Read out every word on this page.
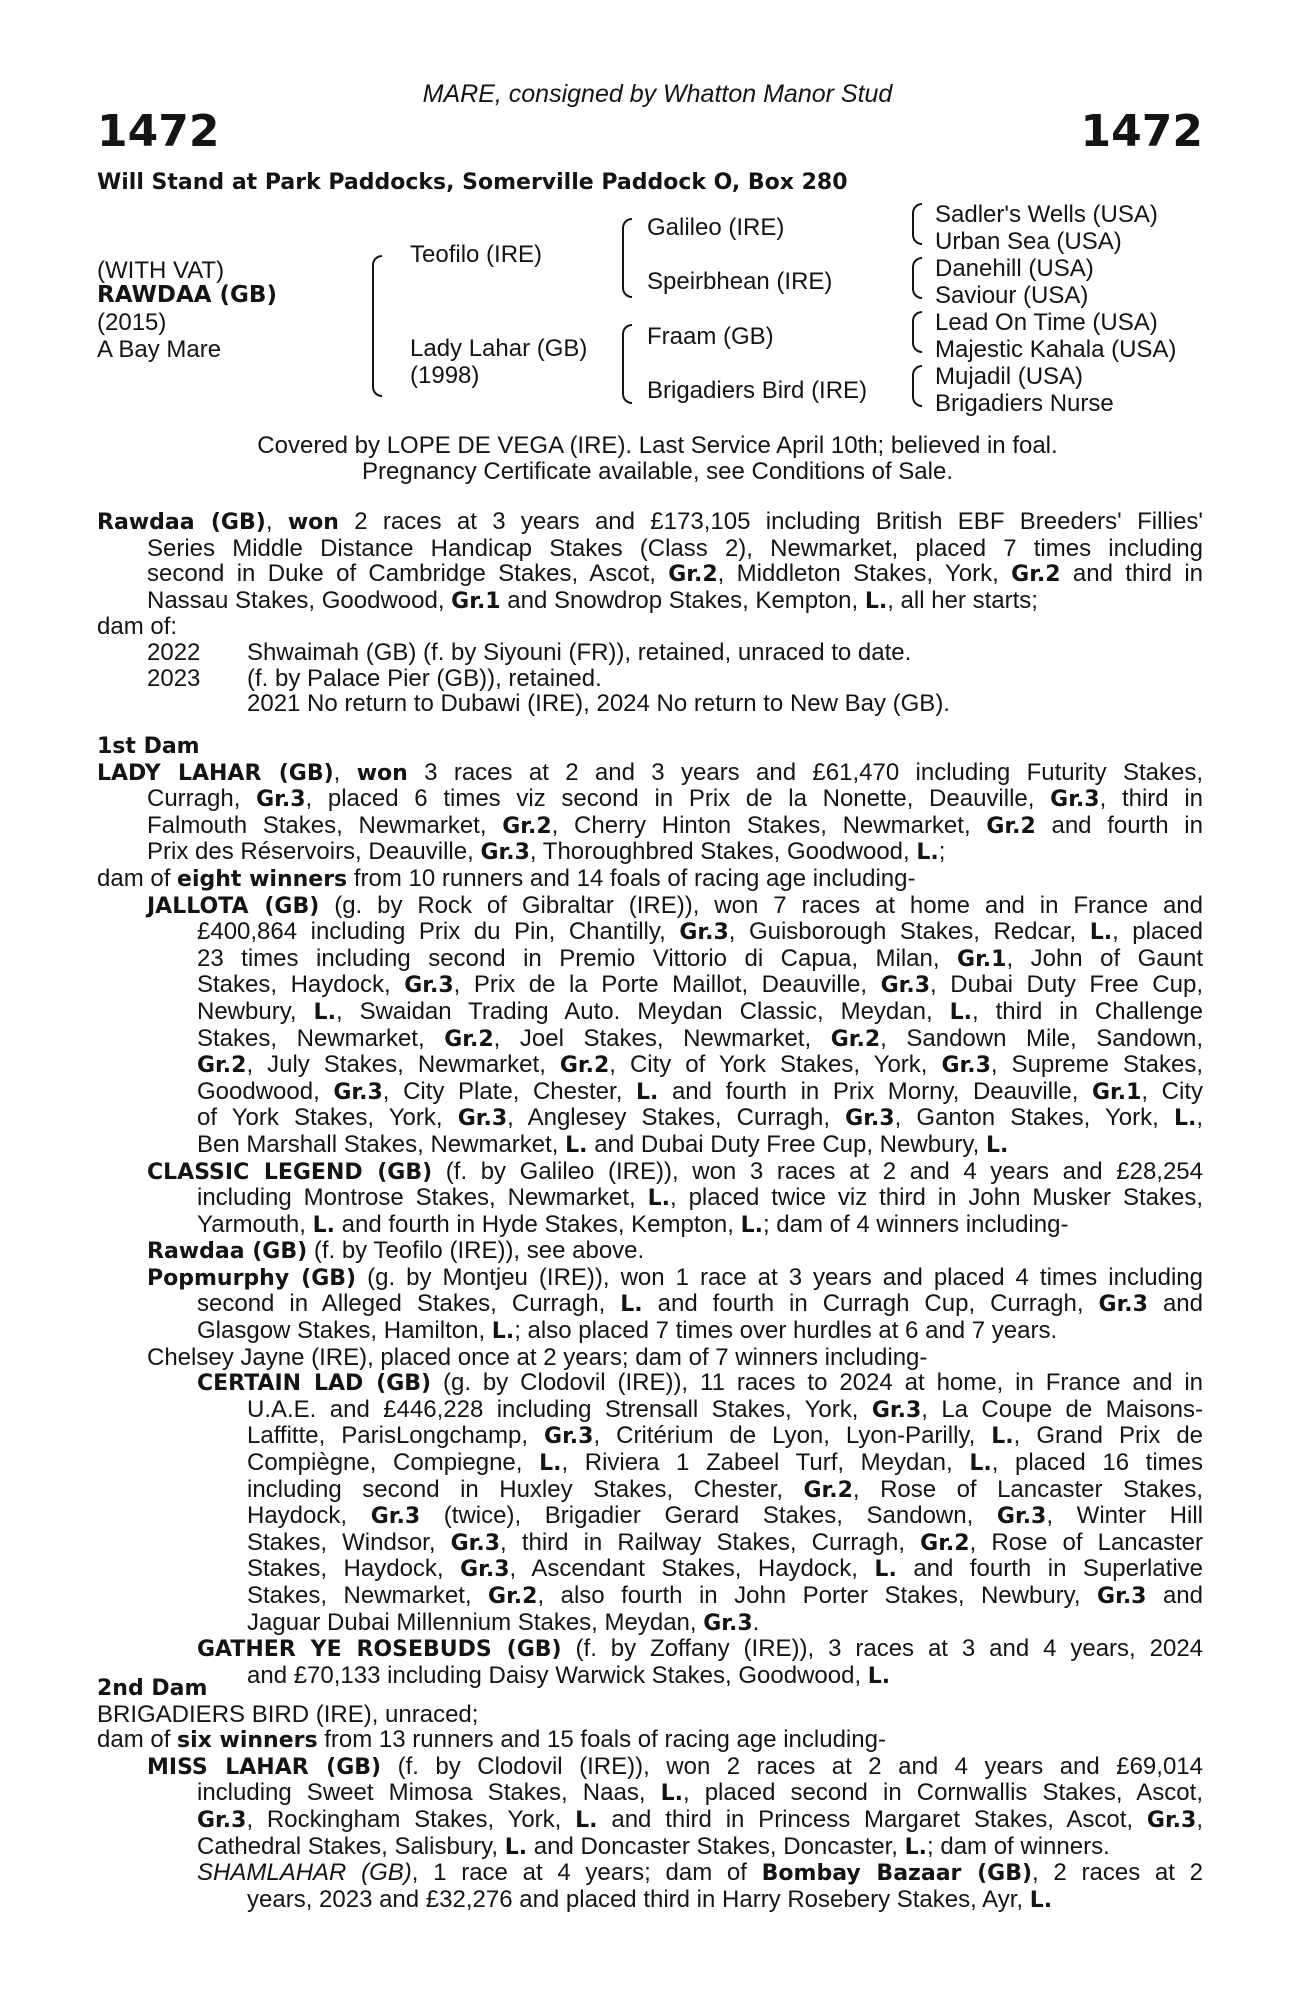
1472	1472
MARE, consigned by Whatton Manor Stud
Will Stand at Park Paddocks, Somerville Paddock O, Box 280
(WITH VAT)
RAWDAA (GB)
(2015)
A Bay Mare
Teofilo (IRE)
Lady Lahar (GB)
(1998)
Galileo (IRE)
Speirbhean (IRE)
Fraam (GB)
Brigadiers Bird (IRE)
Sadler's Wells (USA)
Urban Sea (USA)
Danehill (USA)
Saviour (USA)
Lead On Time (USA)
Majestic Kahala (USA)
Mujadil (USA)
Brigadiers Nurse
Covered by LOPE DE VEGA (IRE). Last Service April 10th; believed in foal.
Pregnancy Certificate available, see Conditions of Sale.
Rawdaa (GB), won 2 races at 3 years and £173,105 including British EBF Breeders' Fillies'
Series Middle Distance Handicap Stakes (Class 2), Newmarket, placed 7 times including
second in Duke of Cambridge Stakes, Ascot, Gr.2, Middleton Stakes, York, Gr.2 and third in
Nassau Stakes, Goodwood, Gr.1 and Snowdrop Stakes, Kempton, L., all her starts;
dam of:
2022 Shwaimah (GB) (f. by Siyouni (FR)), retained, unraced to date.
2023 (f. by Palace Pier (GB)), retained.
2021 No return to Dubawi (IRE), 2024 No return to New Bay (GB).
1st Dam
LADY LAHAR (GB), won 3 races at 2 and 3 years and £61,470 including Futurity Stakes,
Curragh, Gr.3, placed 6 times viz second in Prix de la Nonette, Deauville, Gr.3, third in
Falmouth Stakes, Newmarket, Gr.2, Cherry Hinton Stakes, Newmarket, Gr.2 and fourth in
Prix des Réservoirs, Deauville, Gr.3, Thoroughbred Stakes, Goodwood, L.;
dam of eight winners from 10 runners and 14 foals of racing age including-
JALLOTA (GB) (g. by Rock of Gibraltar (IRE)), won 7 races at home and in France and
£400,864 including Prix du Pin, Chantilly, Gr.3, Guisborough Stakes, Redcar, L., placed
23 times including second in Premio Vittorio di Capua, Milan, Gr.1, John of Gaunt
Stakes, Haydock, Gr.3, Prix de la Porte Maillot, Deauville, Gr.3, Dubai Duty Free Cup,
Newbury, L., Swaidan Trading Auto. Meydan Classic, Meydan, L., third in Challenge
Stakes, Newmarket, Gr.2, Joel Stakes, Newmarket, Gr.2, Sandown Mile, Sandown,
Gr.2, July Stakes, Newmarket, Gr.2, City of York Stakes, York, Gr.3, Supreme Stakes,
Goodwood, Gr.3, City Plate, Chester, L. and fourth in Prix Morny, Deauville, Gr.1, City
of York Stakes, York, Gr.3, Anglesey Stakes, Curragh, Gr.3, Ganton Stakes, York, L.,
Ben Marshall Stakes, Newmarket, L. and Dubai Duty Free Cup, Newbury, L.
CLASSIC LEGEND (GB) (f. by Galileo (IRE)), won 3 races at 2 and 4 years and £28,254
including Montrose Stakes, Newmarket, L., placed twice viz third in John Musker Stakes,
Yarmouth, L. and fourth in Hyde Stakes, Kempton, L.; dam of 4 winners including-
Rawdaa (GB) (f. by Teofilo (IRE)), see above.
Popmurphy (GB) (g. by Montjeu (IRE)), won 1 race at 3 years and placed 4 times including
second in Alleged Stakes, Curragh, L. and fourth in Curragh Cup, Curragh, Gr.3 and
Glasgow Stakes, Hamilton, L.; also placed 7 times over hurdles at 6 and 7 years.
Chelsey Jayne (IRE), placed once at 2 years; dam of 7 winners including-
CERTAIN LAD (GB) (g. by Clodovil (IRE)), 11 races to 2024 at home, in France and in
U.A.E. and £446,228 including Strensall Stakes, York, Gr.3, La Coupe de Maisons-
Laffitte, ParisLongchamp, Gr.3, Critérium de Lyon, Lyon-Parilly, L., Grand Prix de
Compiègne, Compiegne, L., Riviera 1 Zabeel Turf, Meydan, L., placed 16 times
including second in Huxley Stakes, Chester, Gr.2, Rose of Lancaster Stakes,
Haydock, Gr.3 (twice), Brigadier Gerard Stakes, Sandown, Gr.3, Winter Hill
Stakes, Windsor, Gr.3, third in Railway Stakes, Curragh, Gr.2, Rose of Lancaster
Stakes, Haydock, Gr.3, Ascendant Stakes, Haydock, L. and fourth in Superlative
Stakes, Newmarket, Gr.2, also fourth in John Porter Stakes, Newbury, Gr.3 and
Jaguar Dubai Millennium Stakes, Meydan, Gr.3.
GATHER YE ROSEBUDS (GB) (f. by Zoffany (IRE)), 3 races at 3 and 4 years, 2024
and £70,133 including Daisy Warwick Stakes, Goodwood, L.
2nd Dam
BRIGADIERS BIRD (IRE), unraced;
dam of six winners from 13 runners and 15 foals of racing age including-
MISS LAHAR (GB) (f. by Clodovil (IRE)), won 2 races at 2 and 4 years and £69,014
including Sweet Mimosa Stakes, Naas, L., placed second in Cornwallis Stakes, Ascot,
Gr.3, Rockingham Stakes, York, L. and third in Princess Margaret Stakes, Ascot, Gr.3,
Cathedral Stakes, Salisbury, L. and Doncaster Stakes, Doncaster, L.; dam of winners.
SHAMLAHAR (GB), 1 race at 4 years; dam of Bombay Bazaar (GB), 2 races at 2
years, 2023 and £32,276 and placed third in Harry Rosebery Stakes, Ayr, L.
